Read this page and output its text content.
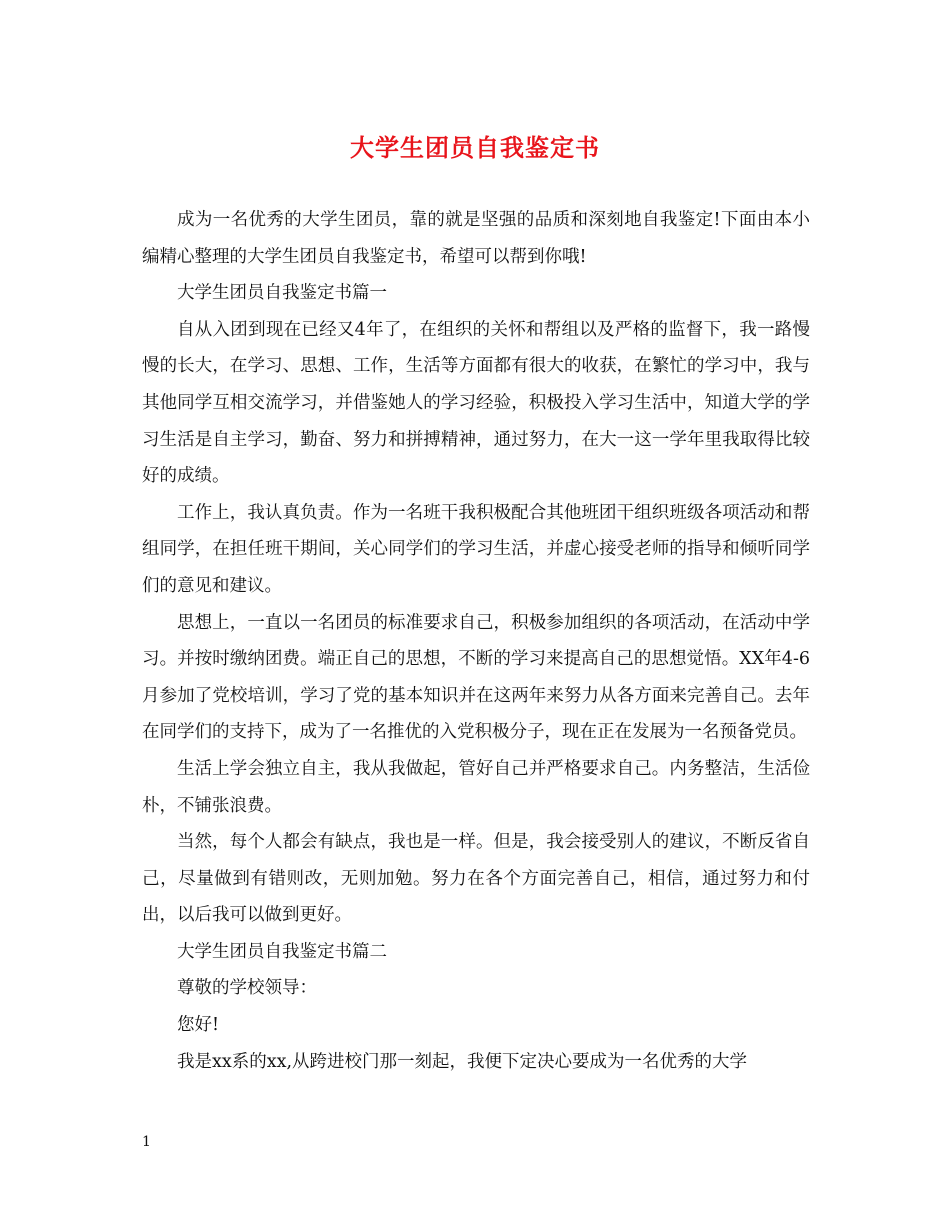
大学生团员自我鉴定书

成为一名优秀的大学生团员，靠的就是坚强的品质和深刻地自我鉴定!下面由本小编精心整理的大学生团员自我鉴定书，希望可以帮到你哦!

大学生团员自我鉴定书篇一

自从入团到现在已经又4年了，在组织的关怀和帮组以及严格的监督下，我一路慢慢的长大，在学习、思想、工作，生活等方面都有很大的收获，在繁忙的学习中，我与其他同学互相交流学习，并借鉴她人的学习经验，积极投入学习生活中，知道大学的学习生活是自主学习，勤奋、努力和拼搏精神，通过努力，在大一这一学年里我取得比较好的成绩。

工作上，我认真负责。作为一名班干我积极配合其他班团干组织班级各项活动和帮组同学，在担任班干期间，关心同学们的学习生活，并虚心接受老师的指导和倾听同学们的意见和建议。

思想上，一直以一名团员的标准要求自己，积极参加组织的各项活动，在活动中学习。并按时缴纳团费。端正自己的思想，不断的学习来提高自己的思想觉悟。XX年4-6月参加了党校培训，学习了党的基本知识并在这两年来努力从各方面来完善自己。去年在同学们的支持下，成为了一名推优的入党积极分子，现在正在发展为一名预备党员。

生活上学会独立自主，我从我做起，管好自己并严格要求自己。内务整洁，生活俭朴，不铺张浪费。

当然，每个人都会有缺点，我也是一样。但是，我会接受别人的建议，不断反省自己，尽量做到有错则改，无则加勉。努力在各个方面完善自己，相信，通过努力和付出，以后我可以做到更好。

大学生团员自我鉴定书篇二

尊敬的学校领导：

您好!

我是xx系的xx,从跨进校门那一刻起，我便下定决心要成为一名优秀的大学

1
